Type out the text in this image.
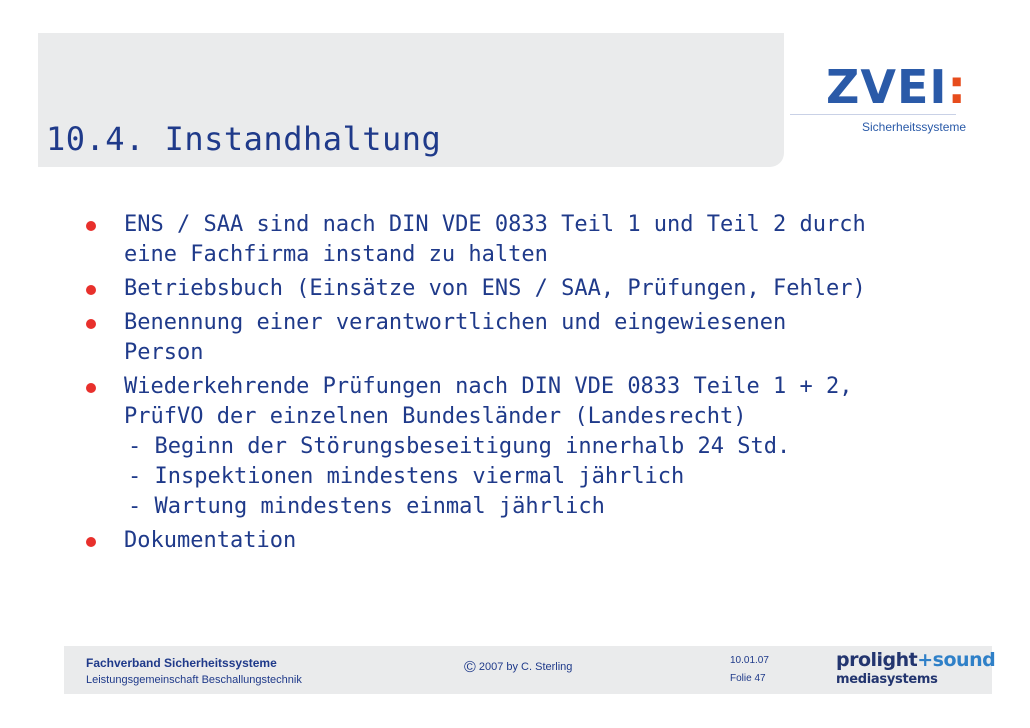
10.4. Instandhaltung
ZVEI:
Sicherheitssysteme
ENS / SAA sind nach DIN VDE 0833 Teil 1 und Teil 2 durch
eine Fachfirma instand zu halten
Betriebsbuch (Einsätze von ENS / SAA, Prüfungen, Fehler)
Benennung einer verantwortlichen und eingewiesenen
Person
Wiederkehrende Prüfungen nach DIN VDE 0833 Teile 1 + 2,
PrüfVO der einzelnen Bundesländer (Landesrecht)
- Beginn der Störungsbeseitigung innerhalb 24 Std.
- Inspektionen mindestens viermal jährlich
- Wartung mindestens einmal jährlich
Dokumentation
Fachverband Sicherheitssysteme
Leistungsgemeinschaft Beschallungstechnik
© 2007 by C. Sterling
10.01.07
Folie 47
prolight+sound
mediasystems
